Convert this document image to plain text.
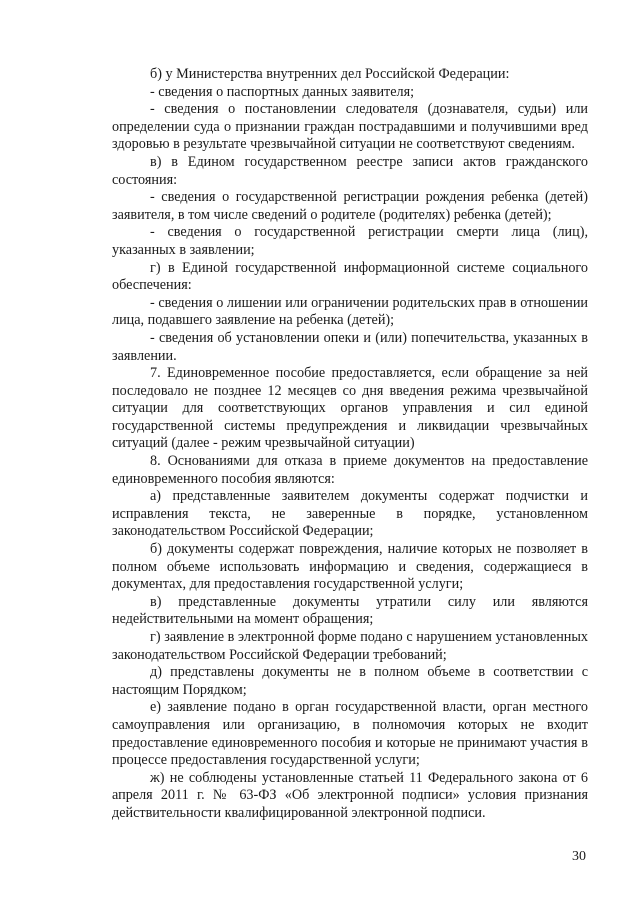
б) у Министерства внутренних дел Российской Федерации:

- сведения о паспортных данных заявителя;

- сведения о постановлении следователя (дознавателя, судьи) или определении суда о признании граждан пострадавшими и получившими вред здоровью в результате чрезвычайной ситуации не соответствуют сведениям.

в) в Едином государственном реестре записи актов гражданского состояния:

- сведения о государственной регистрации рождения ребенка (детей) заявителя, в том числе сведений о родителе (родителях) ребенка (детей);

- сведения о государственной регистрации смерти лица (лиц), указанных в заявлении;

г) в Единой государственной информационной системе социального обеспечения:

- сведения о лишении или ограничении родительских прав в отношении лица, подавшего заявление на ребенка (детей);

- сведения об установлении опеки и (или) попечительства, указанных в заявлении.

7. Единовременное пособие предоставляется, если обращение за ней последовало не позднее 12 месяцев со дня введения режима чрезвычайной ситуации для соответствующих органов управления и сил единой государственной системы предупреждения и ликвидации чрезвычайных ситуаций (далее - режим чрезвычайной ситуации)

8. Основаниями для отказа в приеме документов на предоставление единовременного пособия являются:

а) представленные заявителем документы содержат подчистки и исправления текста, не заверенные в порядке, установленном законодательством Российской Федерации;

б) документы содержат повреждения, наличие которых не позволяет в полном объеме использовать информацию и сведения, содержащиеся в документах, для предоставления государственной услуги;

в) представленные документы утратили силу или являются недействительными на момент обращения;

г) заявление в электронной форме подано с нарушением установленных законодательством Российской Федерации требований;

д) представлены документы не в полном объеме в соответствии с настоящим Порядком;

е) заявление подано в орган государственной власти, орган местного самоуправления или организацию, в полномочия которых не входит предоставление единовременного пособия и которые не принимают участия в процессе предоставления государственной услуги;

ж) не соблюдены установленные статьей 11 Федерального закона от 6 апреля 2011 г. № 63-ФЗ «Об электронной подписи» условия признания действительности квалифицированной электронной подписи.

30
